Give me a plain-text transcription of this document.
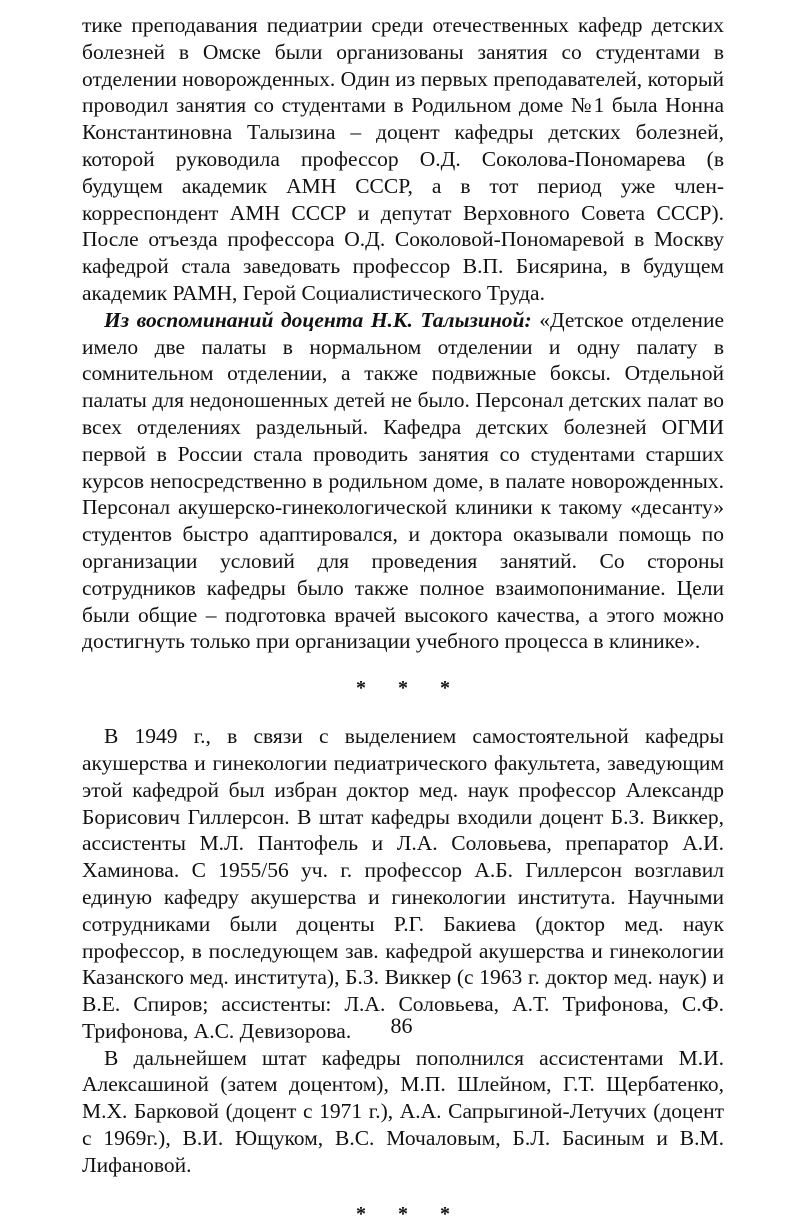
тике преподавания педиатрии среди отечественных кафедр детских болезней в Омске были организованы занятия со студентами в отделении новорожденных. Один из первых преподавателей, который проводил занятия со студентами в Родильном доме №1 была Нонна Константиновна Талызина – доцент кафедры детских болезней, которой руководила профессор О.Д. Соколова-Пономарева (в будущем академик АМН СССР, а в тот период уже член-корреспондент АМН СССР и депутат Верховного Совета СССР). После отъезда профессора О.Д. Соколовой-Пономаревой в Москву кафедрой стала заведовать профессор В.П. Бисярина, в будущем академик РАМН, Герой Социалистического Труда.

Из воспоминаний доцента Н.К. Талызиной: «Детское отделение имело две палаты в нормальном отделении и одну палату в сомнительном отделении, а также подвижные боксы. Отдельной палаты для недоношенных детей не было. Персонал детских палат во всех отделениях раздельный. Кафедра детских болезней ОГМИ первой в России стала проводить занятия со студентами старших курсов непосредственно в родильном доме, в палате новорожденных. Персонал акушерско-гинекологической клиники к такому «десанту» студентов быстро адаптировался, и доктора оказывали помощь по организации условий для проведения занятий. Со стороны сотрудников кафедры было также полное взаимопонимание. Цели были общие – подготовка врачей высокого качества, а этого можно достигнуть только при организации учебного процесса в клинике».

* * *

В 1949 г., в связи с выделением самостоятельной кафедры акушерства и гинекологии педиатрического факультета, заведующим этой кафедрой был избран доктор мед. наук профессор Александр Борисович Гиллерсон. В штат кафедры входили доцент Б.З. Виккер, ассистенты М.Л. Пантофель и Л.А. Соловьева, препаратор А.И. Хаминова. С 1955/56 уч. г. профессор А.Б. Гиллерсон возглавил единую кафедру акушерства и гинекологии института. Научными сотрудниками были доценты Р.Г. Бакиева (доктор мед. наук профессор, в последующем зав. кафедрой акушерства и гинекологии Казанского мед. института), Б.З. Виккер (с 1963 г. доктор мед. наук) и В.Е. Спиров; ассистенты: Л.А. Соловьева, А.Т. Трифонова, С.Ф. Трифонова, А.С. Девизорова.

В дальнейшем штат кафедры пополнился ассистентами М.И. Алексашиной (затем доцентом), М.П. Шлейном, Г.Т. Щербатенко, М.Х. Барковой (доцент с 1971 г.), А.А. Сапрыгиной-Летучих (доцент с 1969г.), В.И. Ющуком, В.С. Мочаловым, Б.Л. Басиным и В.М. Лифановой.

* * *
86
